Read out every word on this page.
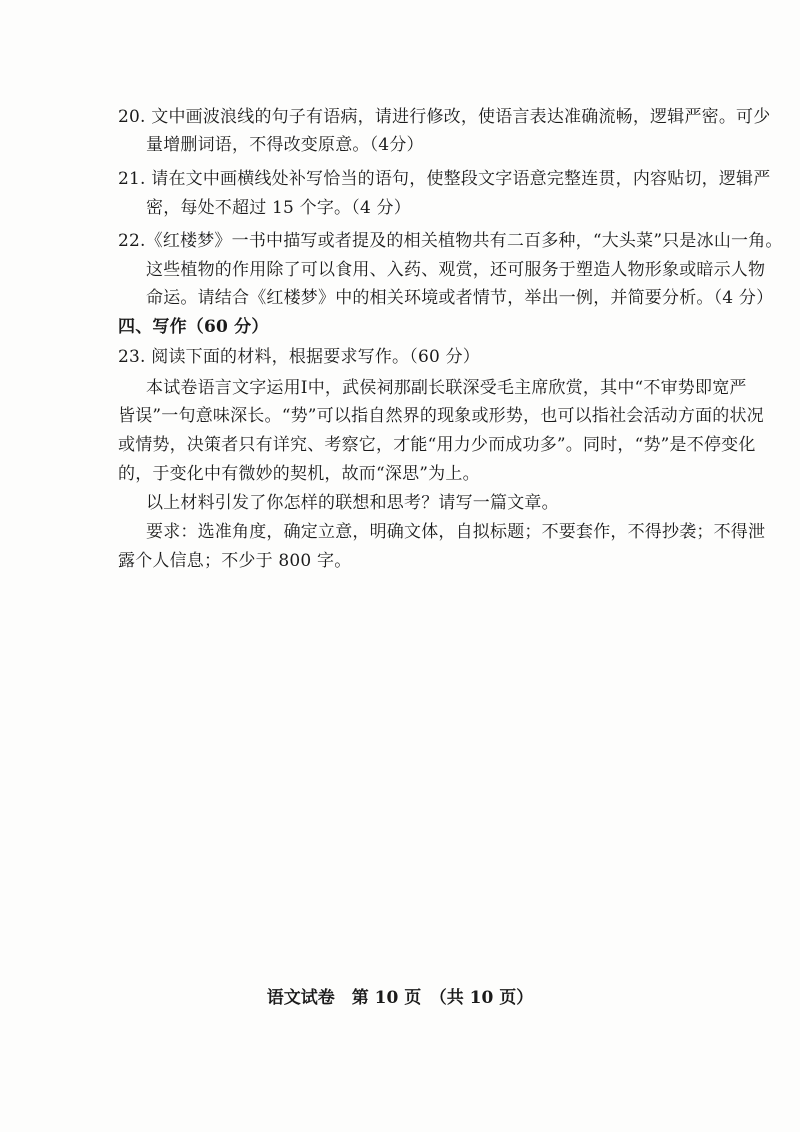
20. 文中画波浪线的句子有语病，请进行修改，使语言表达准确流畅，逻辑严密。可少
量增删词语，不得改变原意。（4分）
21. 请在文中画横线处补写恰当的语句，使整段文字语意完整连贯，内容贴切，逻辑严
密，每处不超过 15 个字。（4 分）
22.《红楼梦》一书中描写或者提及的相关植物共有二百多种，“大头菜”只是冰山一角。
这些植物的作用除了可以食用、入药、观赏，还可服务于塑造人物形象或暗示人物
命运。请结合《红楼梦》中的相关环境或者情节，举出一例，并简要分析。（4 分）
四、写作（60 分）
23. 阅读下面的材料，根据要求写作。（60 分）
本试卷语言文字运用Ⅰ中，武侯祠那副长联深受毛主席欣赏，其中“不审势即宽严
皆误”一句意味深长。“势”可以指自然界的现象或形势，也可以指社会活动方面的状况
或情势，决策者只有详究、考察它，才能“用力少而成功多”。同时，“势”是不停变化
的，于变化中有微妙的契机，故而“深思”为上。
以上材料引发了你怎样的联想和思考？请写一篇文章。
要求：选准角度，确定立意，明确文体，自拟标题；不要套作，不得抄袭；不得泄
露个人信息；不少于 800 字。
语文试卷　第 10 页　（共 10 页）
